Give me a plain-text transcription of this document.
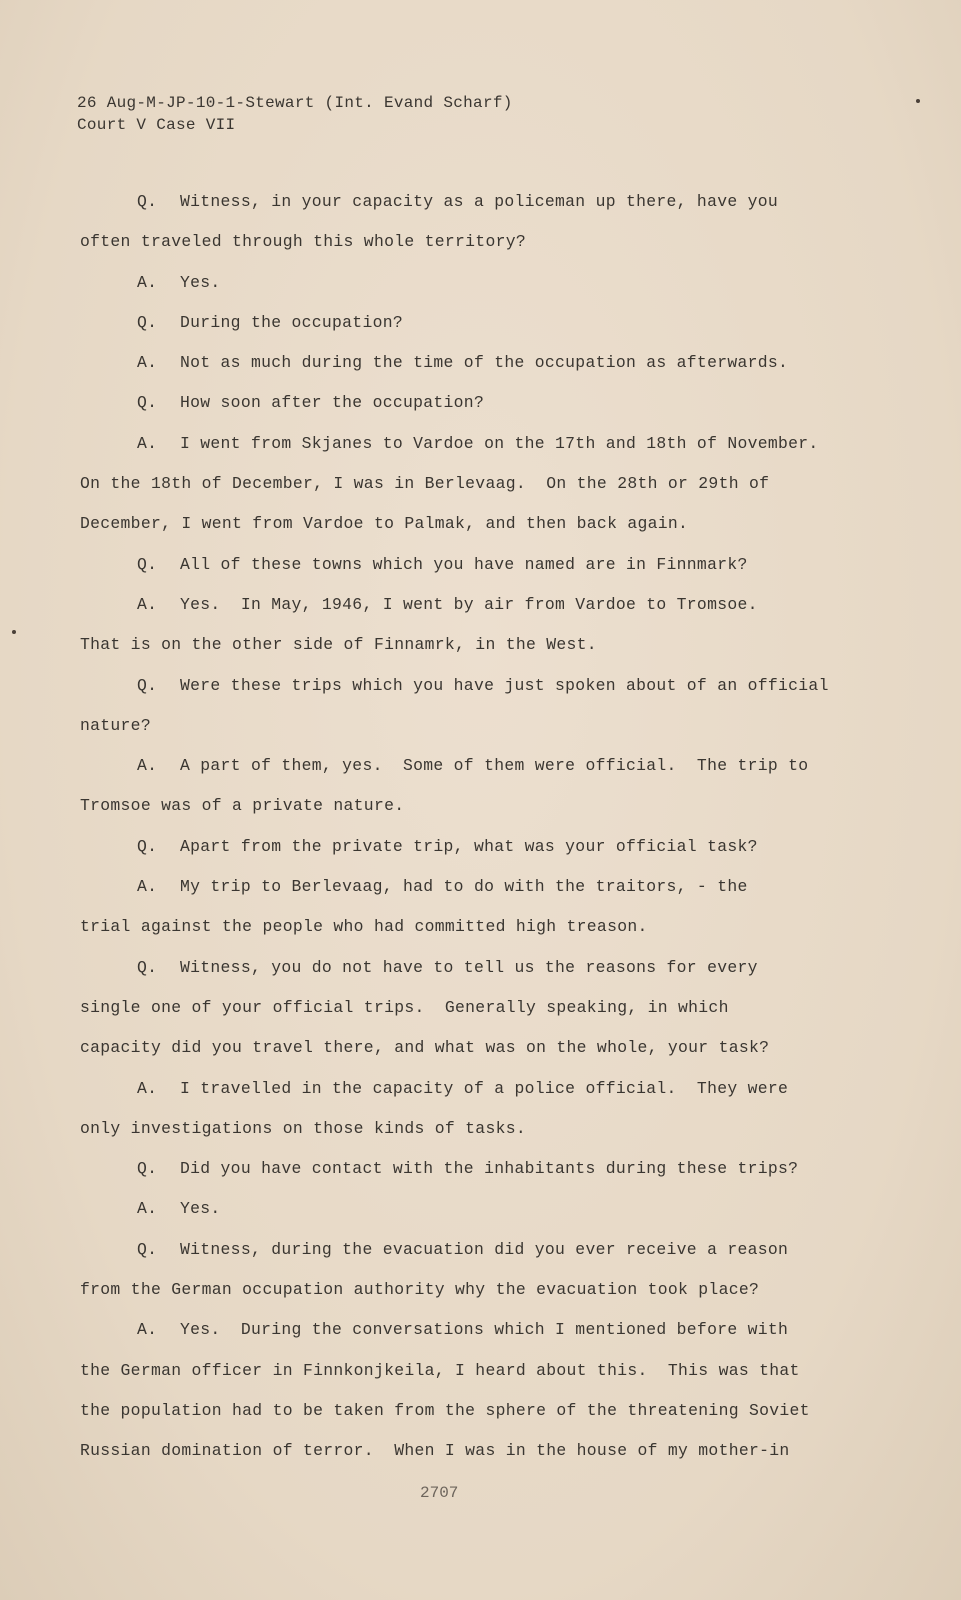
26 Aug-M-JP-10-1-Stewart (Int. Evand Scharf)
Court V Case VII
Q. Witness, in your capacity as a policeman up there, have you
often traveled through this whole territory?
A. Yes.
Q. During the occupation?
A. Not as much during the time of the occupation as afterwards.
Q. How soon after the occupation?
A. I went from Skjanes to Vardoe on the 17th and 18th of November.
On the 18th of December, I was in Berlevaag.  On the 28th or 29th of
December, I went from Vardoe to Palmak, and then back again.
Q. All of these towns which you have named are in Finnmark?
A. Yes.  In May, 1946, I went by air from Vardoe to Tromsoe.
That is on the other side of Finnamrk, in the West.
Q. Were these trips which you have just spoken about of an official
nature?
A. A part of them, yes.  Some of them were official.  The trip to
Tromsoe was of a private nature.
Q. Apart from the private trip, what was your official task?
A. My trip to Berlevaag, had to do with the traitors, - the
trial against the people who had committed high treason.
Q. Witness, you do not have to tell us the reasons for every
single one of your official trips.  Generally speaking, in which
capacity did you travel there, and what was on the whole, your task?
A. I travelled in the capacity of a police official.  They were
only investigations on those kinds of tasks.
Q. Did you have contact with the inhabitants during these trips?
A. Yes.
Q. Witness, during the evacuation did you ever receive a reason
from the German occupation authority why the evacuation took place?
A. Yes.  During the conversations which I mentioned before with
the German officer in Finnkonjkeila, I heard about this.  This was that
the population had to be taken from the sphere of the threatening Soviet
Russian domination of terror.  When I was in the house of my mother-in
2707
